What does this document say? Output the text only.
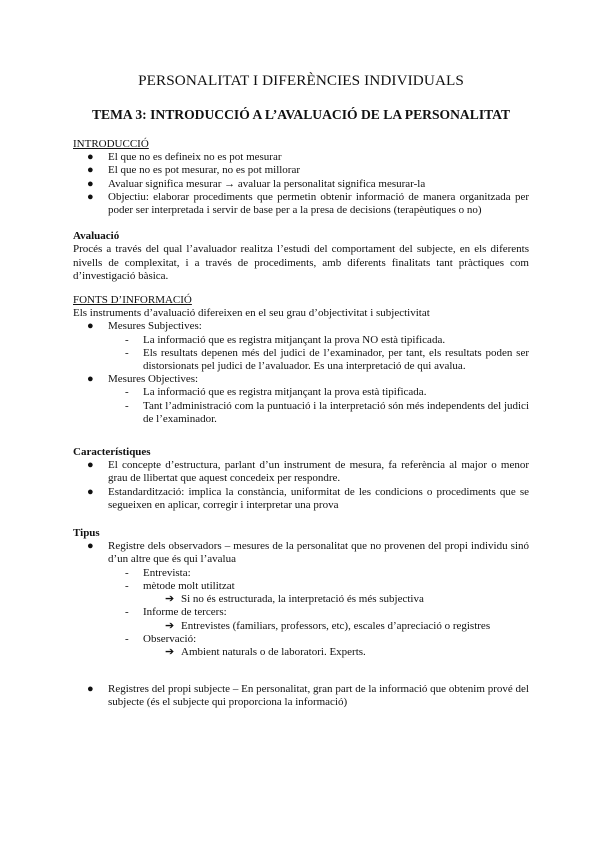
PERSONALITAT I DIFERÈNCIES INDIVIDUALS
TEMA 3: INTRODUCCIÓ A L’AVALUACIÓ DE LA PERSONALITAT
INTRODUCCIÓ
● El que no es defineix no es pot mesurar
● El que no es pot mesurar, no es pot millorar
● Avaluar significa mesurar → avaluar la personalitat significa mesurar-la
● Objectiu: elaborar procediments que permetin obtenir informació de manera organitzada per poder ser interpretada i servir de base per a la presa de decisions (terapèutiques o no)
Avaluació

Procés a través del qual l’avaluador realitza l’estudi del comportament del subjecte, en els diferents nivells de complexitat, i a través de procediments, amb diferents finalitats tant pràctiques com d’investigació bàsica.

FONTS D’INFORMACIÓ

Els instruments d’avaluació difereixen en el seu grau d’objectivitat i subjectivitat

● Mesures Subjectives:
- La informació que es registra mitjançant la prova NO està tipificada.
- Els resultats depenen més del judici de l’examinador, per tant, els resultats poden ser distorsionats pel judici de l’avaluador. Es una interpretació de qui avalua.
● Mesures Objectives:
- La informació que es registra mitjançant la prova està tipificada.
- Tant l’administració com la puntuació i la interpretació són més independents del judici de l’examinador.
Característiques
● El concepte d’estructura, parlant d’un instrument de mesura, fa referència al major o menor grau de llibertat que aquest concedeix per respondre.
● Estandardització: implica la constància, uniformitat de les condicions o procediments que se segueixen en aplicar, corregir i interpretar una prova
Tipus
● Registre dels observadors – mesures de la personalitat que no provenen del propi individu sinó d’un altre que és qui l’avalua
- Entrevista:
- mètode molt utilitzat
➔ Si no és estructurada, la interpretació és més subjectiva
- Informe de tercers:
➔ Entrevistes (familiars, professors, etc), escales d’apreciació o registres
- Observació:
➔ Ambient naturals o de laboratori. Experts.
● Registres del propi subjecte – En personalitat, gran part de la informació que obtenim prové del subjecte (és el subjecte qui proporciona la informació)
